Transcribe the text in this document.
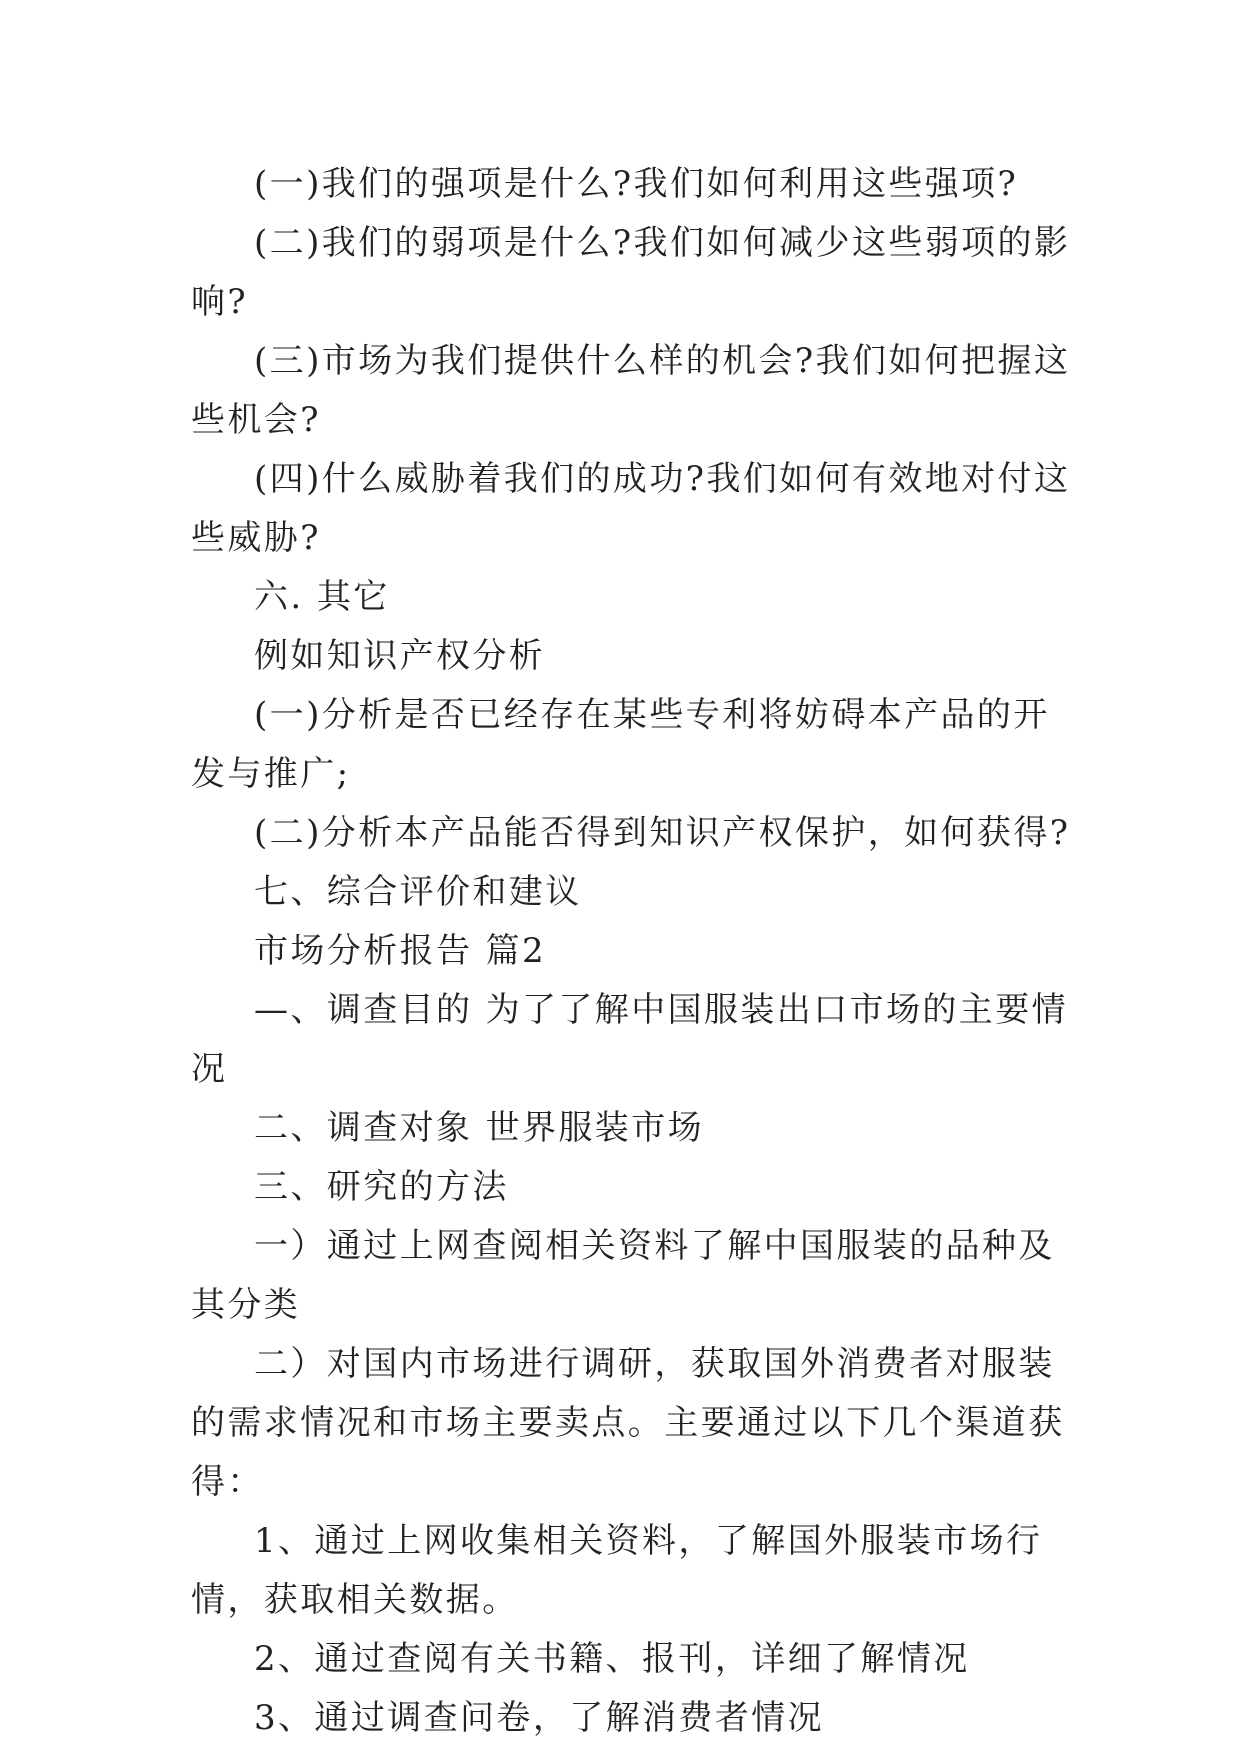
(一)我们的强项是什么?我们如何利用这些强项?

(二)我们的弱项是什么?我们如何减少这些弱项的影响?

(三)市场为我们提供什么样的机会?我们如何把握这些机会?

(四)什么威胁着我们的成功?我们如何有效地对付这些威胁?

六. 其它

例如知识产权分析

(一)分析是否已经存在某些专利将妨碍本产品的开发与推广;

(二)分析本产品能否得到知识产权保护，如何获得?

七、综合评价和建议

市场分析报告 篇2

—、调查目的 为了了解中国服装出口市场的主要情况

二、调查对象 世界服装市场

三、研究的方法

一）通过上网查阅相关资料了解中国服装的品种及其分类

二）对国内市场进行调研，获取国外消费者对服装的需求情况和市场主要卖点。主要通过以下几个渠道获得：

1、通过上网收集相关资料，了解国外服装市场行情，获取相关数据。

2、通过查阅有关书籍、报刊，详细了解情况

3、通过调查问卷，了解消费者情况
